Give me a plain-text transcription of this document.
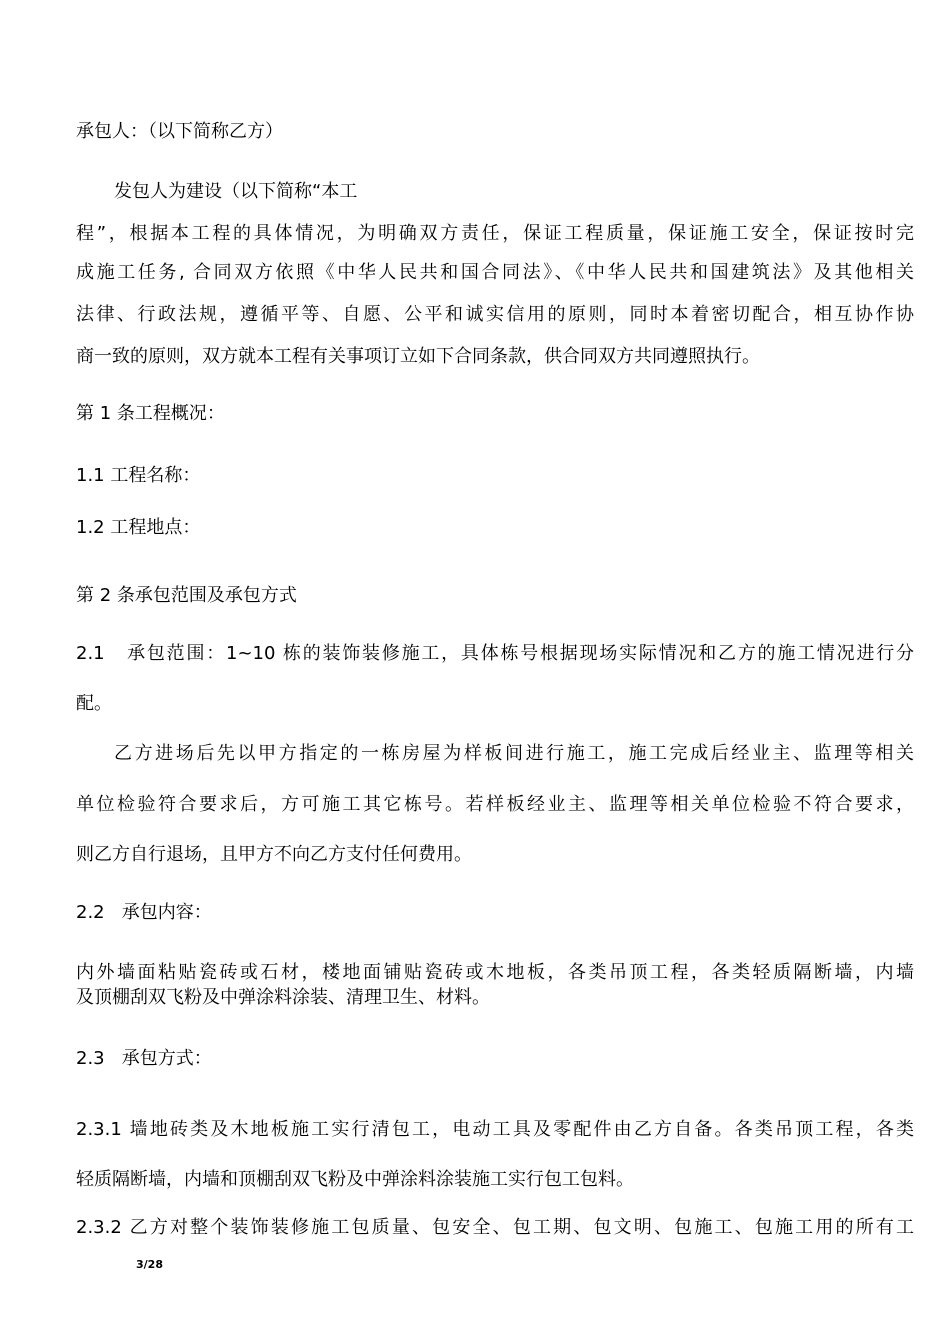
承包人：（以下简称乙方）
发包人为建设（以下简称“本工
程”，根据本工程的具体情况，为明确双方责任，保证工程质量，保证施工安全，保证按时完
成施工任务, 合同双方依照《中华人民共和国合同法》、《中华人民共和国建筑法》及其他相关
法律、行政法规，遵循平等、自愿、公平和诚实信用的原则，同时本着密切配合，相互协作协
商一致的原则，双方就本工程有关事项订立如下合同条款，供合同双方共同遵照执行。
第 1 条工程概况：
1.1 工程名称：
1.2 工程地点：
第 2 条承包范围及承包方式
2.1   承包范围：1~10 栋的装饰装修施工，具体栋号根据现场实际情况和乙方的施工情况进行分
配。
乙方进场后先以甲方指定的一栋房屋为样板间进行施工，施工完成后经业主、监理等相关
单位检验符合要求后，方可施工其它栋号。若样板经业主、监理等相关单位检验不符合要求，
则乙方自行退场，且甲方不向乙方支付任何费用。
2.2   承包内容：
内外墙面粘贴瓷砖或石材，楼地面铺贴瓷砖或木地板，各类吊顶工程，各类轻质隔断墙，内墙
及顶棚刮双飞粉及中弹涂料涂装、清理卫生、材料。
2.3   承包方式：
2.3.1 墙地砖类及木地板施工实行清包工，电动工具及零配件由乙方自备。各类吊顶工程，各类
轻质隔断墙，内墙和顶棚刮双飞粉及中弹涂料涂装施工实行包工包料。
2.3.2 乙方对整个装饰装修施工包质量、包安全、包工期、包文明、包施工、包施工用的所有工
3/28
